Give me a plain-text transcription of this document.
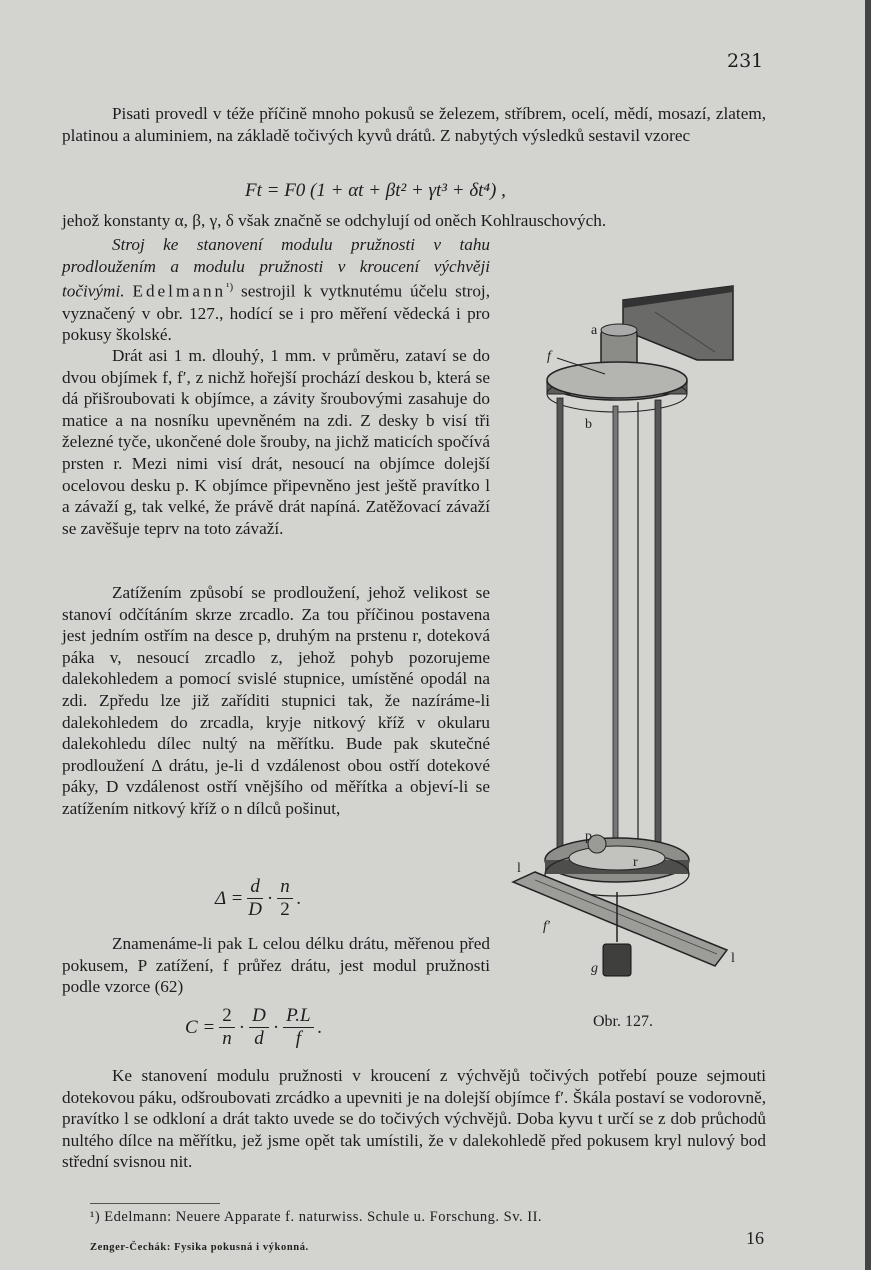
231

Pisati provedl v téže příčině mnoho pokusů se železem, stříbrem, ocelí, mědí, mosazí, zlatem, platinou a aluminiem, na základě točivých kyvů drátů. Z nabytých výsledků sestavil vzorec

Ft = F0 (1 + αt + βt² + γt³ + δt⁴) ,

jehož konstanty α, β, γ, δ však značně se odchylují od oněch Kohlrauschových.

Stroj ke stanovení modulu pružnosti v tahu prodloužením a modulu pružnosti v kroucení výchvěji točivými. Edelmann$^{^1)}$ sestrojil k vytknutému účelu stroj, vyznačený v obr. 127., hodící se i pro měření vědecká i pro pokusy školské.

Drát asi 1 m. dlouhý, 1 mm. v průměru, zataví se do dvou objímek f, f′, z nichž hořejší prochází deskou b, která se dá přišroubovati k objímce, a závity šroubovými zasahuje do matice a na nosníku upevněném na zdi. Z desky b visí tři železné tyče, ukončené dole šrouby, na jichž maticích spočívá prsten r. Mezi nimi visí drát, nesoucí na objímce dolejší ocelovou desku p. K objímce připevněno jest ještě pravítko l a závaží g, tak velké, že právě drát napíná. Zatěžovací závaží se zavěšuje teprv na toto závaží.

Zatížením způsobí se prodloužení, jehož velikost se stanoví odčítáním skrze zrcadlo. Za tou příčinou postavena jest jedním ostřím na desce p, druhým na prstenu r, doteková páka v, nesoucí zrcadlo z, jehož pohyb pozorujeme dalekohledem a pomocí svislé stupnice, umístěné opodál na zdi. Zpředu lze již zaříditi stupnici tak, že nazíráme-li dalekohledem do zrcadla, kryje nitkový kříž v okularu dalekohledu dílec nultý na měřítku. Bude pak skutečné prodloužení Δ drátu, je-li d vzdálenost obou ostří dotekové páky, D vzdálenost ostří vnějšího od měřítka a objeví-li se zatížením nitkový kříž o n dílců pošinut,

$\Delta = \frac{d}{D} \cdot \frac{n}{2}$ .

Znamenáme-li pak L celou délku drátu, měřenou před pokusem, P zatížení, f průřez drátu, jest modul pružnosti podle vzorce (62)

$C = \frac{2}{n} \cdot \frac{D}{d} \cdot \frac{P.L}{f}$ .
a
f
b
p
r
l
f′
g
l
Obr. 127.

Ke stanovení modulu pružnosti v kroucení z výchvějů točivých potřebí pouze sejmouti dotekovou páku, odšroubovati zrcádko a upevniti je na dolejší objímce f′. Škála postaví se vodorovně, pravítko l se odkloní a drát takto uvede se do točivých výchvějů. Doba kyvu t určí se z dob průchodů nultého dílce na měřítku, jež jsme opět tak umístili, že v dalekohledě před pokusem kryl nulový bod střední svisnou nit.

¹) Edelmann: Neuere Apparate f. naturwiss. Schule u. Forschung. Sv. II.
Zenger-Čechák: Fysika pokusná i výkonná.	16
